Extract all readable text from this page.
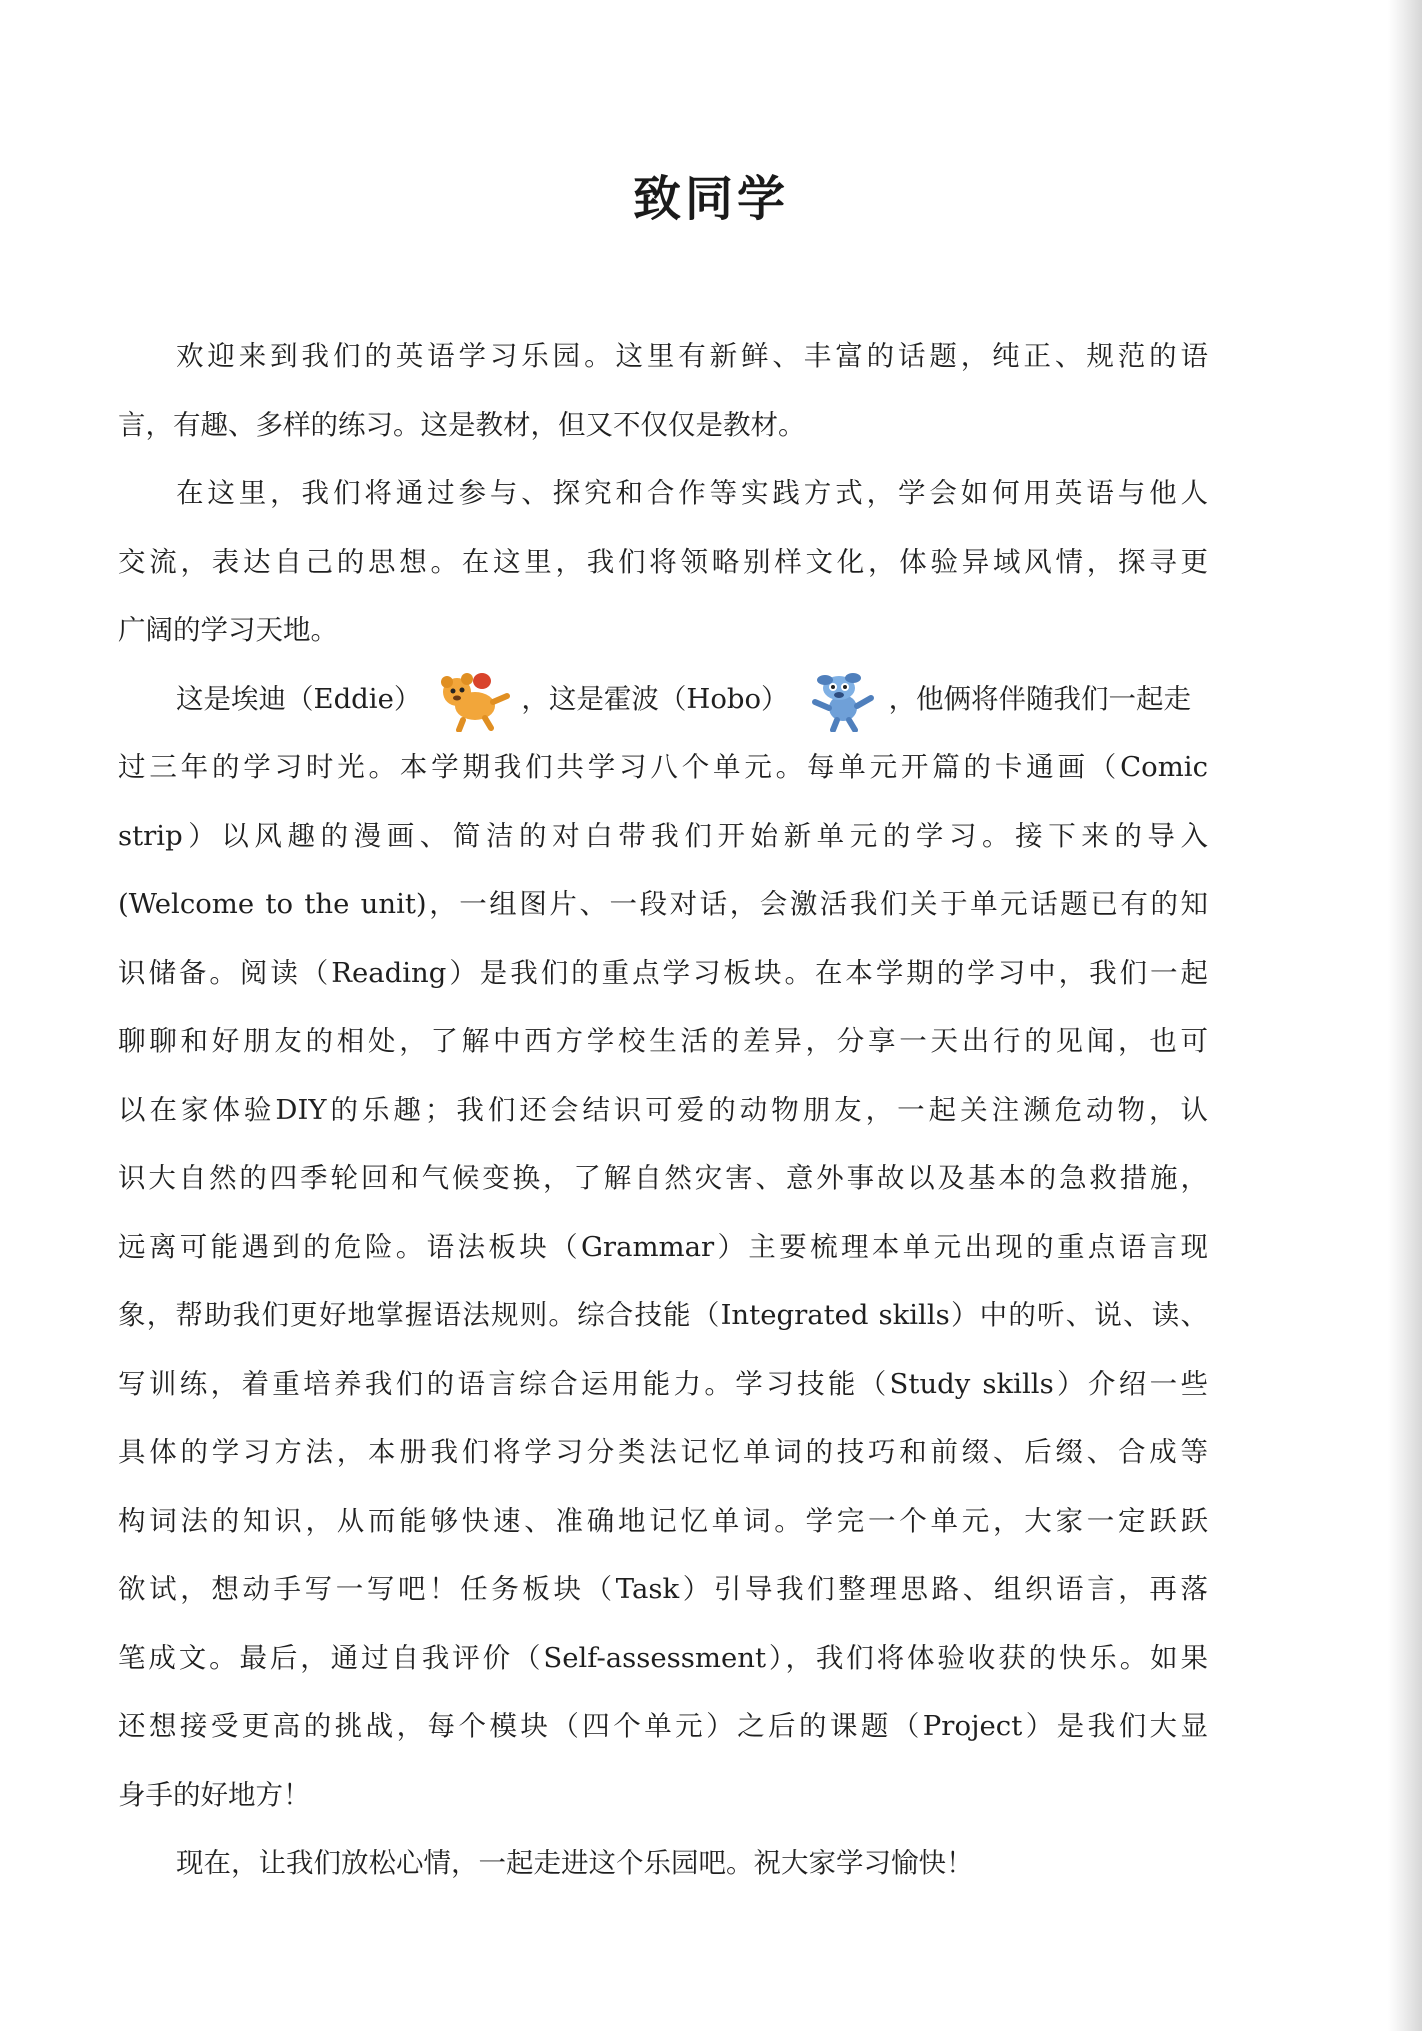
致同学
欢迎来到我们的英语学习乐园。这里有新鲜、丰富的话题，纯正、规范的语
言，有趣、多样的练习。这是教材，但又不仅仅是教材。
在这里，我们将通过参与、探究和合作等实践方式，学会如何用英语与他人
交流，表达自己的思想。在这里，我们将领略别样文化，体验异域风情，探寻更
广阔的学习天地。
这是埃迪（Eddie）	，这是霍波（Hobo）	，他俩将伴随我们一起走
过三年的学习时光。本学期我们共学习八个单元。每单元开篇的卡通画（Comic
strip）以风趣的漫画、简洁的对白带我们开始新单元的学习。接下来的导入
(Welcome to the unit)，一组图片、一段对话，会激活我们关于单元话题已有的知
识储备。阅读（Reading）是我们的重点学习板块。在本学期的学习中，我们一起
聊聊和好朋友的相处，了解中西方学校生活的差异，分享一天出行的见闻，也可
以在家体验DIY的乐趣；我们还会结识可爱的动物朋友，一起关注濒危动物，认
识大自然的四季轮回和气候变换，了解自然灾害、意外事故以及基本的急救措施，
远离可能遇到的危险。语法板块（Grammar）主要梳理本单元出现的重点语言现
象，帮助我们更好地掌握语法规则。综合技能（Integrated skills）中的听、说、读、
写训练，着重培养我们的语言综合运用能力。学习技能（Study skills）介绍一些
具体的学习方法，本册我们将学习分类法记忆单词的技巧和前缀、后缀、合成等
构词法的知识，从而能够快速、准确地记忆单词。学完一个单元，大家一定跃跃
欲试，想动手写一写吧！任务板块（Task）引导我们整理思路、组织语言，再落
笔成文。最后，通过自我评价（Self-assessment），我们将体验收获的快乐。如果
还想接受更高的挑战，每个模块（四个单元）之后的课题（Project）是我们大显
身手的好地方！
现在，让我们放松心情，一起走进这个乐园吧。祝大家学习愉快！
